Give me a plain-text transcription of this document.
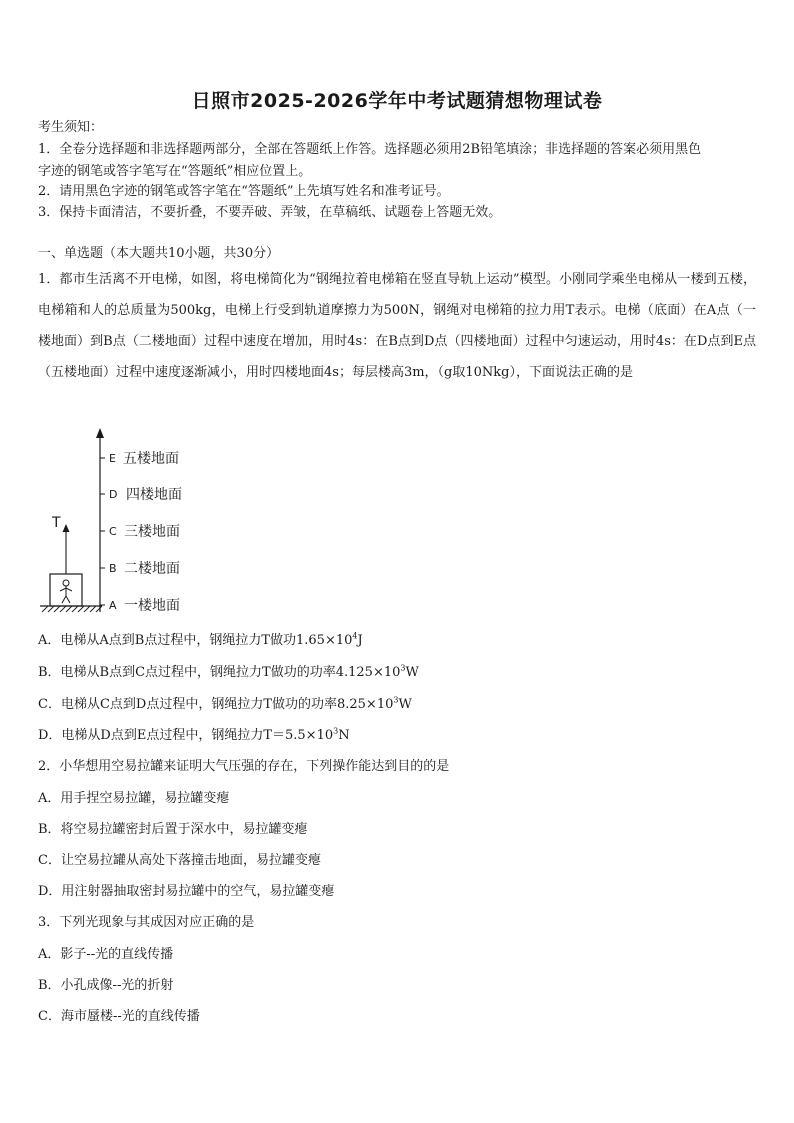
日照市2025-2026学年中考试题猜想物理试卷
考生须知：
1．全卷分选择题和非选择题两部分，全部在答题纸上作答。选择题必须用2B铅笔填涂；非选择题的答案必须用黑色
字迹的钢笔或答字笔写在“答题纸”相应位置上。
2．请用黑色字迹的钢笔或答字笔在“答题纸”上先填写姓名和准考证号。
3．保持卡面清洁，不要折叠，不要弄破、弄皱，在草稿纸、试题卷上答题无效。
一、单选题（本大题共10小题，共30分）
1．都市生活离不开电梯，如图，将电梯简化为“钢绳拉着电梯箱在竖直导轨上运动”模型。小刚同学乘坐电梯从一楼到五楼，电梯箱和人的总质量为500kg，电梯上行受到轨道摩擦力为500N，钢绳对电梯箱的拉力用T表示。电梯（底面）在A点（一楼地面）到B点（二楼地面）过程中速度在增加，用时4s：在B点到D点（四楼地面）过程中匀速运动，用时4s：在D点到E点（五楼地面）过程中速度逐渐减小，用时四楼地面4s；每层楼高3m，（g取10Nkg），下面说法正确的是
T
E 五楼地面
D 四楼地面
C 三楼地面
B 二楼地面
A 一楼地面
A．电梯从A点到B点过程中，钢绳拉力T做功$1.65\times 10^4J$
B．电梯从B点到C点过程中，钢绳拉力T做功的功率$4.125\times 10^3W$
C．电梯从C点到D点过程中，钢绳拉力T做功的功率$8.25\times 10^3W$
D．电梯从D点到E点过程中，钢绳拉力$T=5.5\times 10^3N$
2．小华想用空易拉罐来证明大气压强的存在，下列操作能达到目的的是
A．用手捏空易拉罐，易拉罐变瘪
B．将空易拉罐密封后置于深水中，易拉罐变瘪
C．让空易拉罐从高处下落撞击地面，易拉罐变瘪
D．用注射器抽取密封易拉罐中的空气，易拉罐变瘪
3．下列光现象与其成因对应正确的是
A．影子--光的直线传播
B．小孔成像--光的折射
C．海市蜃楼--光的直线传播
